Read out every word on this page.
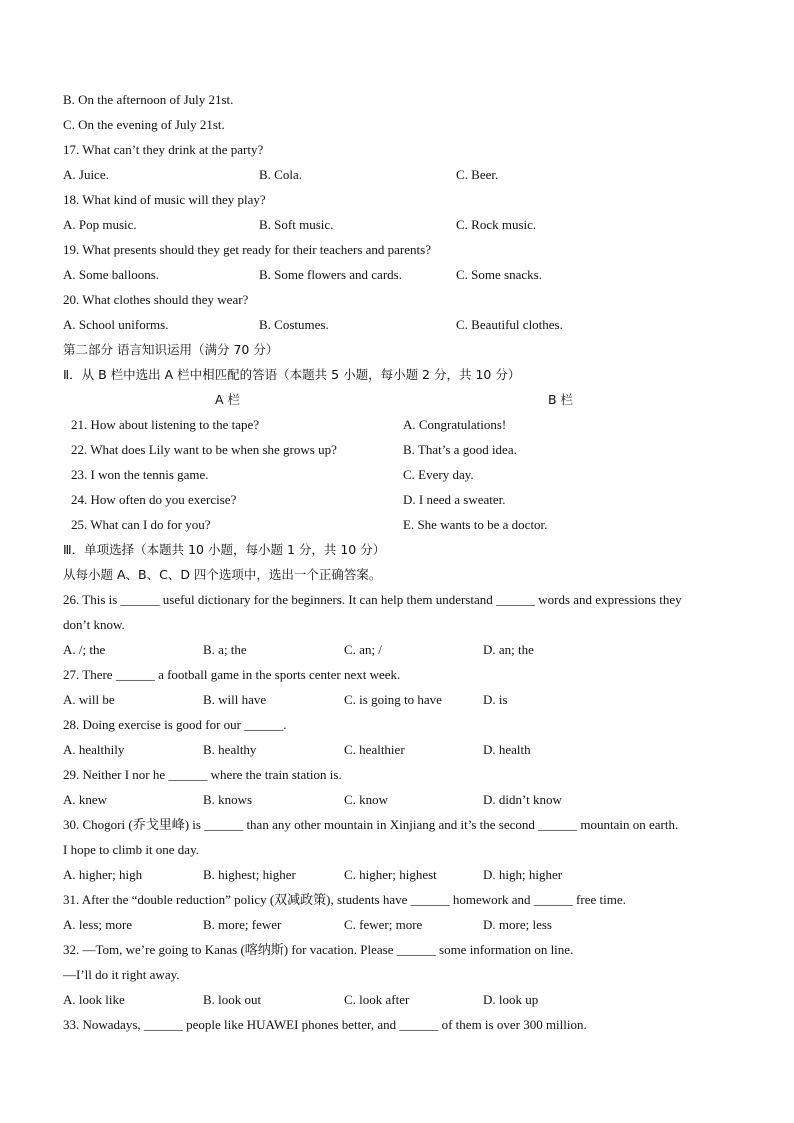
B. On the afternoon of July 21st.
C. On the evening of July 21st.
17. What can’t they drink at the party?
A. Juice.	B. Cola.	C. Beer.
18. What kind of music will they play?
A. Pop music.	B. Soft music.	C. Rock music.
19. What presents should they get ready for their teachers and parents?
A. Some balloons.	B. Some flowers and cards.	C. Some snacks.
20. What clothes should they wear?
A. School uniforms.	B. Costumes.	C. Beautiful clothes.
第二部分 语言知识运用（满分 70 分）
Ⅱ．从 B 栏中选出 A 栏中相匹配的答语（本题共 5 小题，每小题 2 分，共 10 分）
A 栏	B 栏
21. How about listening to the tape?	A. Congratulations!
22. What does Lily want to be when she grows up?	B. That’s a good idea.
23. I won the tennis game.	C. Every day.
24. How often do you exercise?	D. I need a sweater.
25. What can I do for you?	E. She wants to be a doctor.
Ⅲ．单项选择（本题共 10 小题，每小题 1 分，共 10 分）
从每小题 A、B、C、D 四个选项中，选出一个正确答案。
26. This is ______ useful dictionary for the beginners. It can help them understand ______ words and expressions they
don’t know.
A. /; the	B. a; the	C. an; /	D. an; the
27. There ______ a football game in the sports center next week.
A. will be	B. will have	C. is going to have	D. is
28. Doing exercise is good for our ______.
A. healthily	B. healthy	C. healthier	D. health
29. Neither I nor he ______ where the train station is.
A. knew	B. knows	C. know	D. didn’t know
30. Chogori (乔戈里峰) is ______ than any other mountain in Xinjiang and it’s the second ______ mountain on earth.
I hope to climb it one day.
A. higher; high	B. highest; higher	C. higher; highest	D. high; higher
31. After the “double reduction” policy (双减政策), students have ______ homework and ______ free time.
A. less; more	B. more; fewer	C. fewer; more	D. more; less
32. —Tom, we’re going to Kanas (喀纳斯) for vacation. Please ______ some information on line.
—I’ll do it right away.
A. look like	B. look out	C. look after	D. look up
33. Nowadays, ______ people like HUAWEI phones better, and ______ of them is over 300 million.
